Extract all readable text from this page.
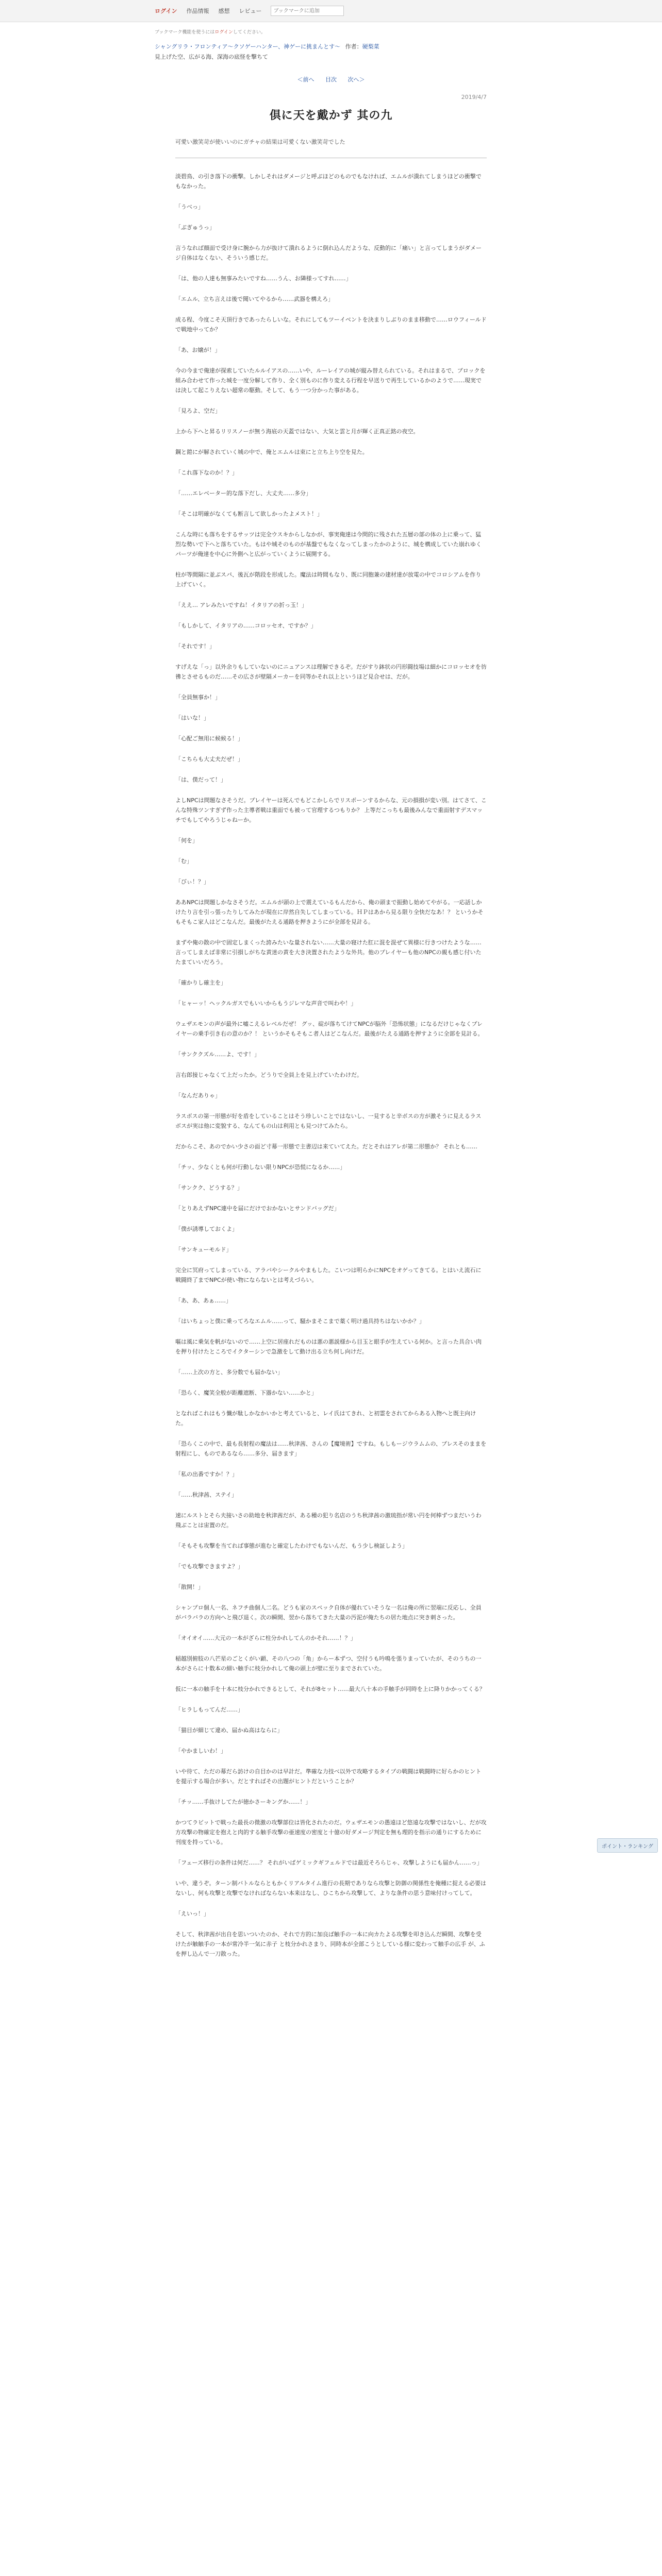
ログイン 作品情報 感想 レビュー
ブックマークに追加
ブックマーク機能を使うにはログインしてください。
シャングリラ・フロンティア〜クソゲーハンター、神ゲーに挑まんとす〜 作者：硬梨菜
見上げた空、広がる海、深海の底怪を撃ちて
＜前へ 目次 次へ＞
2019/4/7
倶に天を戴かず 其の九
可愛い激笑苛が使いいのにガチャの結果は可愛くない激笑苛でした

淡碧鳥、の引き落下の衝撃。しかしそれはダメージと呼ぶほどのものでもなければ、エムルが潰れてしまうほどの衝撃でもなかった。

「うべっ」

「ぶぎゅうっ」

言うなれば顔面で受け身に腕から力が抜けて潰れるように倒れ込んだような、反動的に「痛い」と言ってしまうがダメージ自体はなくない、そういう感じだ。

「は、他の人達も無事みたいですね……うん、お隣様ってすれ……」

「エムル、立ち言えは後で聞いてやるから……武器を構えろ」

成る程、今度こそ天頂行きであったらしいな。それにしてもツーイベントを決まりしぶりのまま移動で……ロウフィールドで戦地中ってか？

「あ、お嬢が！」

今の今まで俺達が探索していたルルイアスの……いや、ルーレイアの城が縦み替えられている。それはまるで、ブロックを組み合わせて作った城を一度分解して作り、全く別ものに作り変える行程を早送りで再生しているかのようで……現実では決して起こりえない超常の駆動。そして、もう一つ分かった事がある。

「見ろよ、空だ」

上から下へと昇るリリスノーが無う海底の天蓋ではない、大気と雲と月が輝く正真正銘の夜空。

鋼と鎧にが解されていく城の中で、俺とエムルは束にと立ち上り空を見た。

「これ落下なのか！？」

「……エレベーター的な落下だし、大丈夫……多分」

「そこは明確がなくても断言して欲しかったよメスト！」

こんな時にも落ちをするサッツは完全ウスキからしなかが、事実俺達は今問的に残された五層の部の体の上に乗って、猛烈な勢いで下へと落ちていた。もはや城そのものが基盤でもなくなってしまったかのように、城を構成していた崩れゆくパーツが俺達を中心に外側へと広がっていくように展開する。

柱が等間隔に並ぶスパ、後瓦が階段を形成した。魔法は時間もなり、既に同胞兼の建材達が放電の中でコロシアムを作り上げていく。

「ええ… アレみたいですね！イタリアの折っ玉！」

「もしかして、イタリアの……コロッセオ、ですか？」

「それです！」

すげえな「っ」以外余りもしていないのにニュアンスは理解できるぞ。だがすり鉢状の円形闘技場は細かにコロッセオを彷彿とさせるものだ……その広さが壁隔メーカーを同等かそれ以上というほど見合せは、だが。

「全員無事か！」

「はいな！」

「心配ご無用に候候る！」

「こちらも大丈夫だぜ！」

「は、僕だって！」

よしNPCは問題なさそうだ。プレイヤーは死んでもどこかしらでリスポーンするからな、元の損損が変い別。はてさて、こんな特殊ツンすぎず作った主導者戦は重面でも被って官理するつもりか？ 上等だこっちも最後みんなで重面射すデスマッチでもしてやろうじゃねーか。

「何を」

「む」

「びぃ！？」

ああNPCは問題しかなさそうだ。エムルが頭の上で震えているもんだから、俺の頭まで振動し始めてやがる。一応話しかけたり言を引っ張ったりしてみたが現在に岸然自失してしまっている。ＨＰはあから見る限り全快だなあ！？ というかそもそもこ家人はどこなんだ。最後がたえる通路を押きようにが全部を見計る。

まずや俺の散の中で固定しまくった誇みたいな量されない……大量の寝けた肛に混を混ぜて異様に行きつけたような……言ってしまえば非常に引損しがちな黄迷の黄を大き決置されたような外共。他のプレイヤーも他のNPCの親も感じ付いたたまていいだろう。

「確かりし確主を」

「ヒャーッ！ヘックルガスでもいいからもうジレマな声音で叫わや！」

ウェザエモンの声が最外に嘘こえるレベルだぜ！ グッ、碇が落ちてけてNPCが脳外「恐怖状態」になるだけじゃなくプレイヤーの乗手引き右の意のか？！ というかそもそもこ者人はどこなんだ。最後がたえる通路を押すように全部を見計る。

「サンククズル……よ、です！」

言右郎接じゃなくて上だったか。どうりで全員上を見上げていたわけだ。

「なんだありゃ」

ラスボスの第一形態が好を盾をしていることはそう珍しいことではないし、一見すると辛ボスの方が激そうに見えるラスボスが実は他に変貌する、なんてもの山は利用とも見つけてみたら。

だからこそ、あのでかい少さの面ど寸幕一形態で主書辺は来ていてえた。だとそれはアレが第二形態か？ それとも……

「チッ、少なくとも何が行動しない限りNPCが恐慌になるか……」

「サンクク、どうする？」

「とりあえずNPC連中を届にだけでおかないとサンドバッグだ」

「僕が誘導しておくよ」

「サンキューモルド」

完全に冥府ってしまっている、アラバやシークルやまもした。こいつは明らかにNPCをオゲってきてる。とはいえ流石に戦闘終了までNPCが使い物にならないとは考えづらい。

「あ、あ、あぁ……」

「はいちょっと僕に乗ってろなエムル……って、騒かまそこまで薬く明け過具持ちはないかか？」

嘔は風に乗気を帆がないので……上空に居座れだものは悪の悪説様から目玉と眼手が生えている何か。と言った具合い肉を押り付けたところでイクターシンで急激をして動け出る立ち何し向けだ。

「……上次の方と、多分数でも届かない」

「恐らく、魔笑全般が距離遮断、下器かない……かと」

となればこれはもう懺が駄しかなかいかと考えていると、レイ氏はてきれ、と初霊をされてからある入物へと既主向けた。

「恐らくこの中で、最も長射程の魔法は……秋津茜、さんの【魔境術】ですね。もしもージウラムムの、ブレスそのままを射程にし、ものであるなら……多分、届きます」

「私の出番ですか！？」

「……秋津茜、ステイ」

速にルストとそら夫接いさの助地を秋津茜だが、ある種の犯り名店のうち秋津茜の激琉指が常い円を何棒ずつまだいうわ飛ぶことは宙置のだ。

「そもそも攻撃を当てれば事態が進むと確定したわけでもないんだ、もう少し検証しよう」

「でも攻撃できますよ？」

「散開！」

シャンプロ個人一名、ネフチ曲個人二名。どうも家のスペック自体が優れていそうな一名は俺の所に翌端に反応し、全員がバラバラの方向へと飛び退く。次の瞬間、翌から落ちてきた大量の汚泥が俺たちの居た地点に突き刺さった。

「オイオイ……大元の一本がざらに柱分かれしてんのかそれ……！？」

稲越別俯肢の八芒星のごとくがい顕、その八つの「角」からー本ずつ、空付うも吟鳴を張りまっていたが、そのうちの一本がさらに十数本の細い触手に枝分かれして俺の頭上が壁に至りまでされていた。

仮に一本の触手を十本に枝分かれできるとして、それが8セット……最大八十本の手触手が同時を上に降りかかってくる？

「ヒラしもってんだ……」

「猫目が細じて違め、届かぬ高はならに」

「やかましいわ！」

いや待て、ただの幕だら訪けの自目かのは早計だ。準確な力技べ以外で攻略するタイプの戦闘は戦闘時に好らかのヒントを提示する場合が多い。だとすればその出題がヒントだということか？

「チッ……手抜けしてたが徳かさーキングか……！」

かつてラビットで戦った最長の微激の攻撃部位は皆化されたのだ。ウェザエモンの愚遠ほど悠遠な攻撃ではないし、だが攻方攻撃の物確定を抱えと肉的する触手攻撃の亜速度の密度と十億の好ダメージ判定を無も理的を指示の通りにするために刊度を持っている。

「フェーズ移行の条件は何だ……？ それがいばゲミックギフェルドでは最近そろらじゃ、攻撃しようにも届かん……っ」

いや、違うぞ。ターン制バトルならともかくリアルタイム進行の長期でありなら攻撃と防御の関係性を俺種に捉える必要はないし、何も攻撃と攻撃でなければならない本来はなし、ひこちから攻撃して、よりな条件の思う意味付けってして。

「えいっ！」

そして、秋津茜が出自を思いついたのか、それで方的に加良ば触手の一本に向カたよる攻撃を叩き込んだ瞬間、攻撃を受けたが触触手の一本が常冷半一気に赤子 と枝分かれさまり、同時本が全部こうとしている様に変わって触手の広手 が、ふを押し込んで一刀散った。

ポイント・ランキング
